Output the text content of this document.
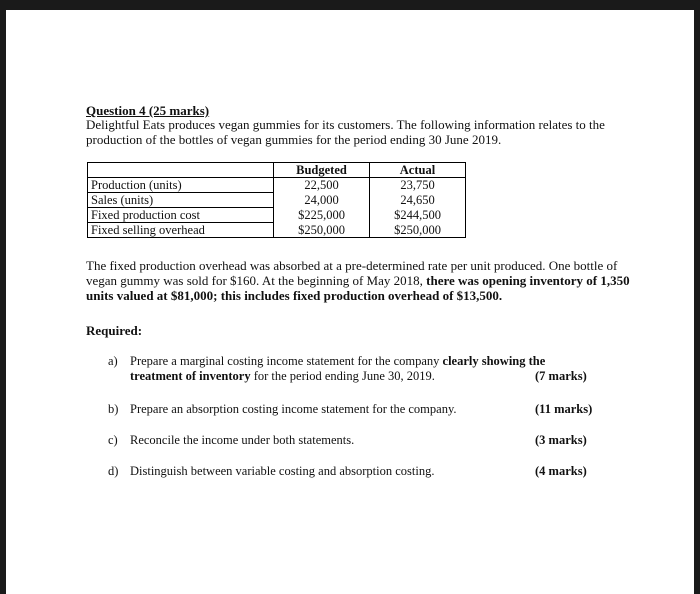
Question 4 (25 marks)
Delightful Eats produces vegan gummies for its customers. The following information relates to the production of the bottles of vegan gummies for the period ending 30 June 2019.
	Budgeted	Actual
Production (units)	22,500	23,750
Sales (units)	24,000	24,650
Fixed production cost	$225,000	$244,500
Fixed selling overhead	$250,000	$250,000
The fixed production overhead was absorbed at a pre-determined rate per unit produced. One bottle of vegan gummy was sold for $160. At the beginning of May 2018, there was opening inventory of 1,350 units valued at $81,000; this includes fixed production overhead of $13,500.
Required:
a) Prepare a marginal costing income statement for the company clearly showing the treatment of inventory for the period ending June 30, 2019.	(7 marks)
b) Prepare an absorption costing income statement for the company.	(11 marks)
c) Reconcile the income under both statements.	(3 marks)
d) Distinguish between variable costing and absorption costing.	(4 marks)
